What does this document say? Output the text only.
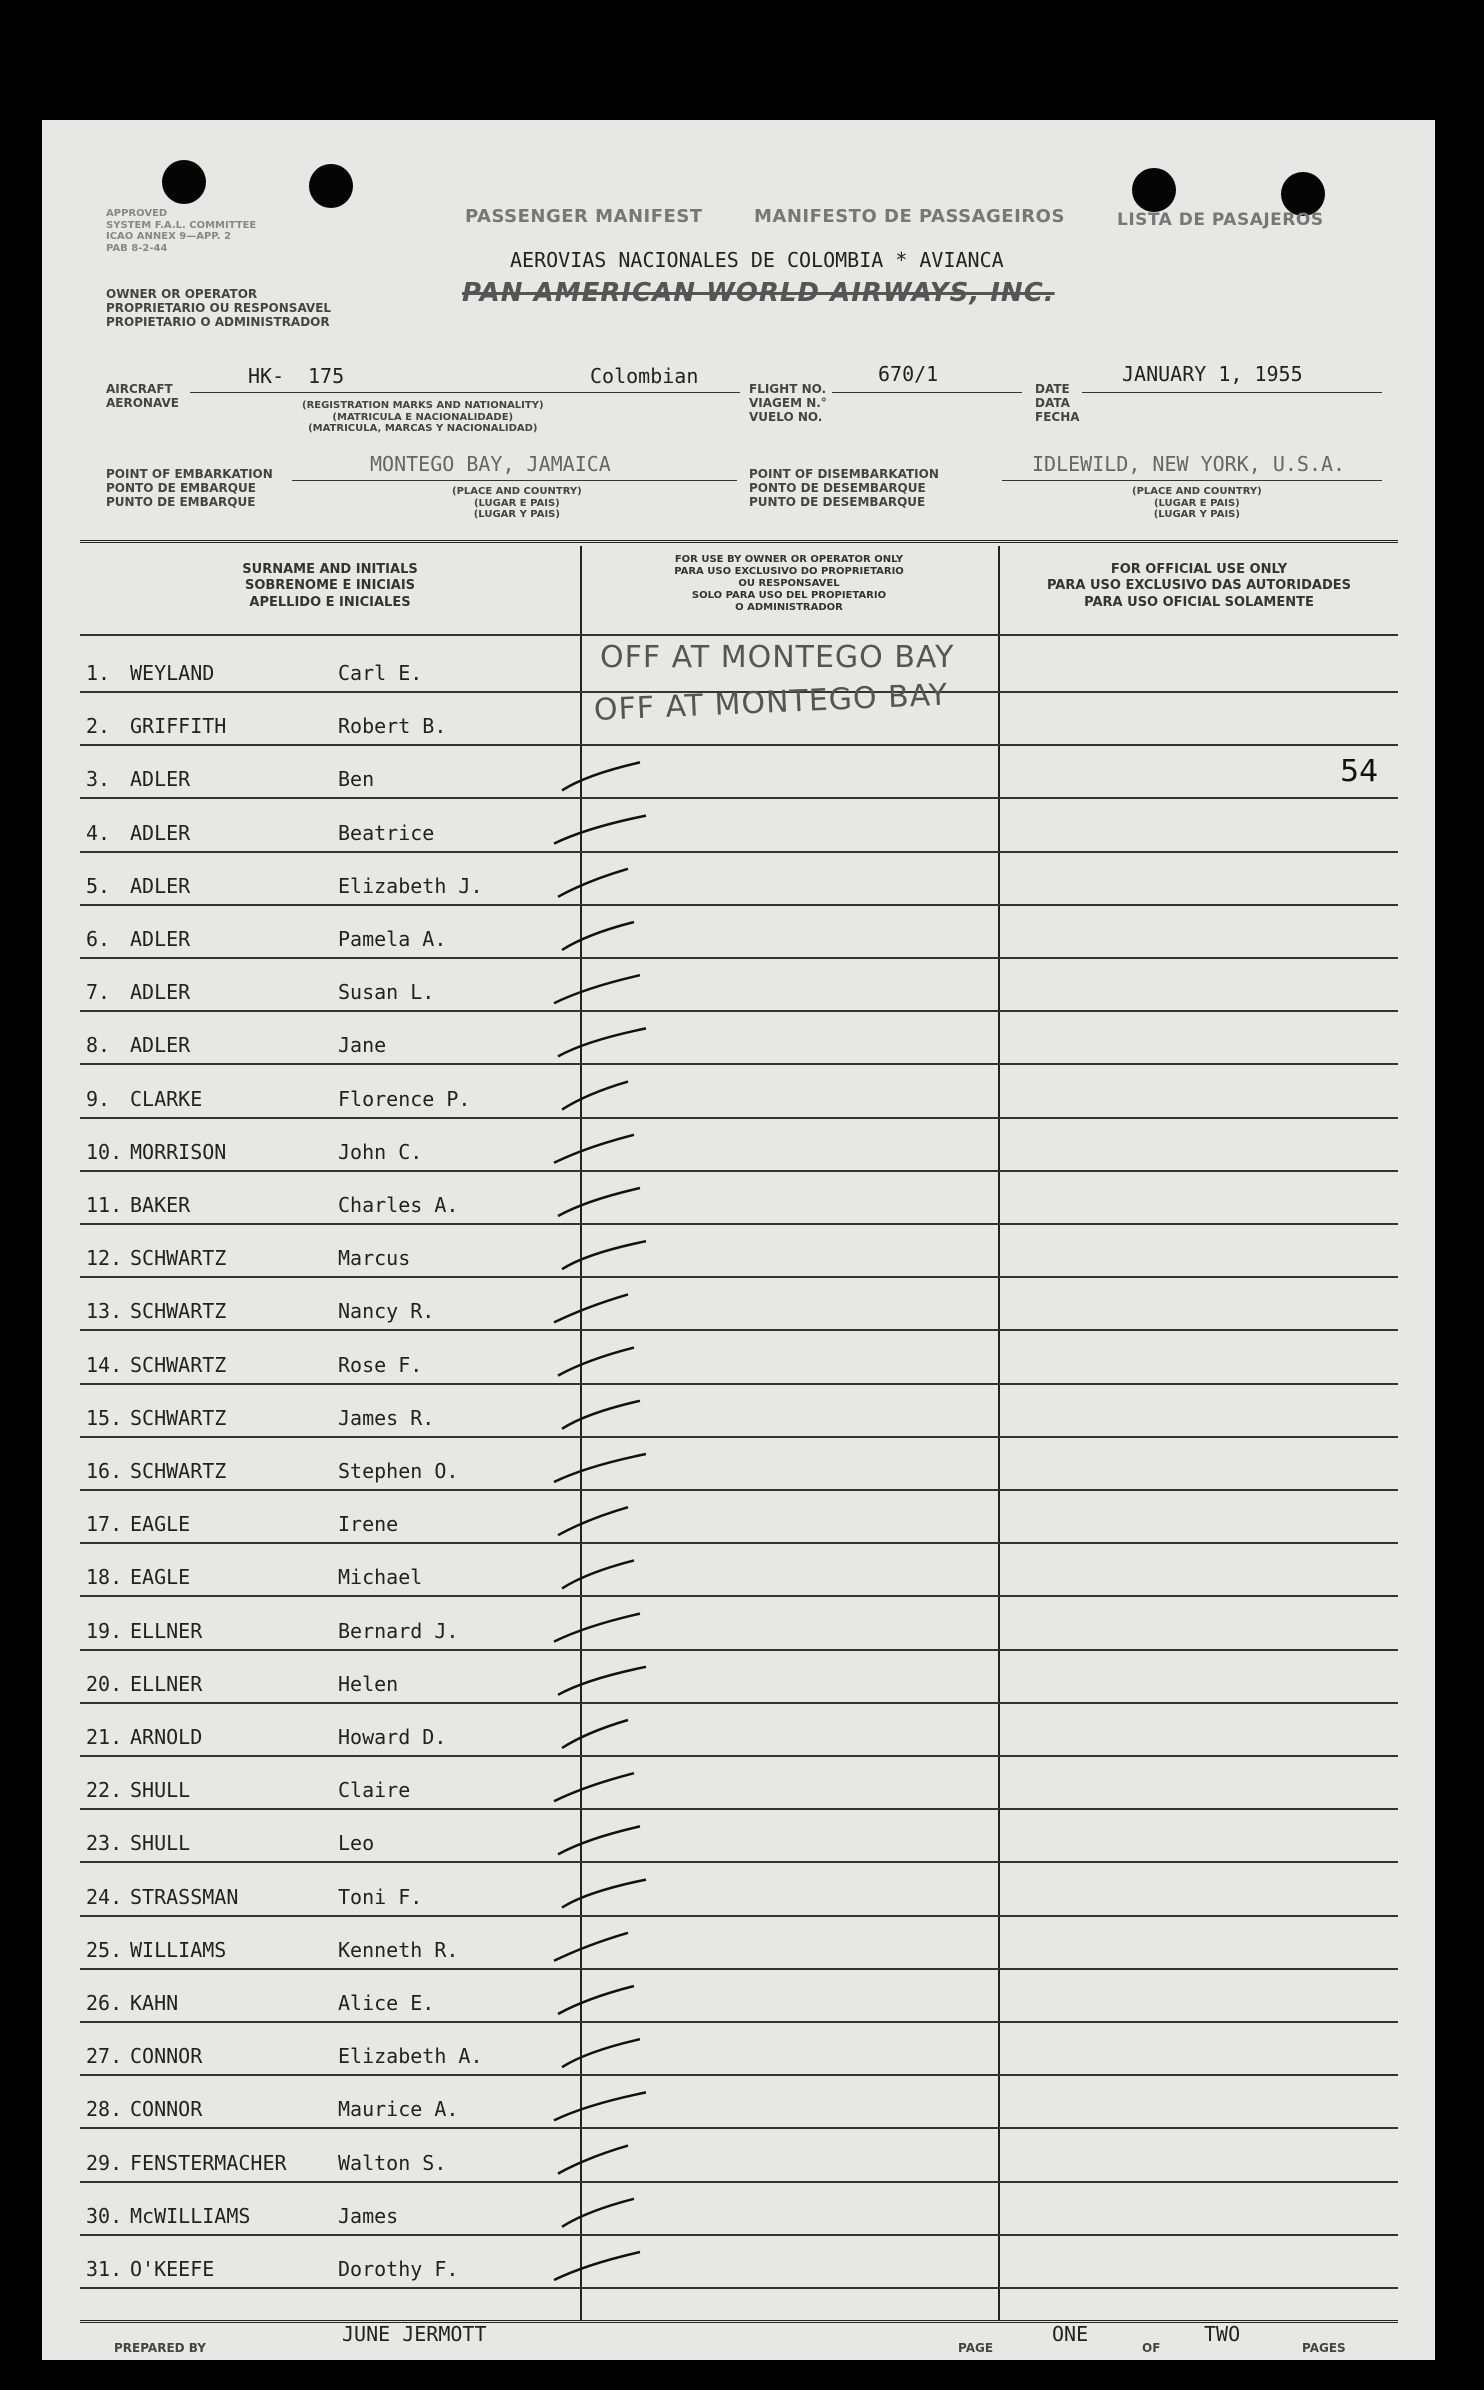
APPROVED
SYSTEM F.A.L. COMMITTEE
ICAO ANNEX 9—APP. 2
PAB 8-2-44
PASSENGER MANIFEST	MANIFESTO DE PASSAGEIROS	LISTA DE PASAJEROS
OWNER OR OPERATOR
PROPRIETARIO OU RESPONSAVEL
PROPIETARIO O ADMINISTRADOR
AEROVIAS NACIONALES DE COLOMBIA * AVIANCA
PAN AMERICAN WORLD AIRWAYS, INC.
AIRCRAFT
AERONAVE
HK- 175	Colombian
(REGISTRATION MARKS AND NATIONALITY)
(MATRICULA E NACIONALIDADE)
(MATRICULA, MARCAS Y NACIONALIDAD)
FLIGHT NO.
VIAGEM N.°
VUELO NO.
670/1
DATE
DATA
FECHA
JANUARY 1, 1955
POINT OF EMBARKATION
PONTO DE EMBARQUE
PUNTO DE EMBARQUE
MONTEGO BAY, JAMAICA
(PLACE AND COUNTRY)
(LUGAR E PAIS)
(LUGAR Y PAIS)
POINT OF DISEMBARKATION
PONTO DE DESEMBARQUE
PUNTO DE DESEMBARQUE
IDLEWILD, NEW YORK, U.S.A.
(PLACE AND COUNTRY)
(LUGAR E PAIS)
(LUGAR Y PAIS)
SURNAME AND INITIALS
SOBRENOME E INICIAIS
APELLIDO E INICIALES
FOR USE BY OWNER OR OPERATOR ONLY
PARA USO EXCLUSIVO DO PROPRIETARIO
OU RESPONSAVEL
SOLO PARA USO DEL PROPIETARIO
O ADMINISTRADOR
FOR OFFICIAL USE ONLY
PARA USO EXCLUSIVO DAS AUTORIDADES
PARA USO OFICIAL SOLAMENTE
1. WEYLAND	Carl E.
2. GRIFFITH	Robert B.
3. ADLER	Ben
4. ADLER	Beatrice
5. ADLER	Elizabeth J.
6. ADLER	Pamela A.
7. ADLER	Susan L.
8. ADLER	Jane
9. CLARKE	Florence P.
10. MORRISON	John C.
11. BAKER	Charles A.
12. SCHWARTZ	Marcus
13. SCHWARTZ	Nancy R.
14. SCHWARTZ	Rose F.
15. SCHWARTZ	James R.
16. SCHWARTZ	Stephen O.
17. EAGLE	Irene
18. EAGLE	Michael
19. ELLNER	Bernard J.
20. ELLNER	Helen
21. ARNOLD	Howard D.
22. SHULL	Claire
23. SHULL	Leo
24. STRASSMAN	Toni F.
25. WILLIAMS	Kenneth R.
26. KAHN	Alice E.
27. CONNOR	Elizabeth A.
28. CONNOR	Maurice A.
29. FENSTERMACHER	Walton S.
30. McWILLIAMS	James
31. O'KEEFE	Dorothy F.
OFF AT MONTEGO BAY
OFF AT MONTEGO BAY
54
PREPARED BY
JUNE JERMOTT
PAGE
ONE
OF
TWO
PAGES
